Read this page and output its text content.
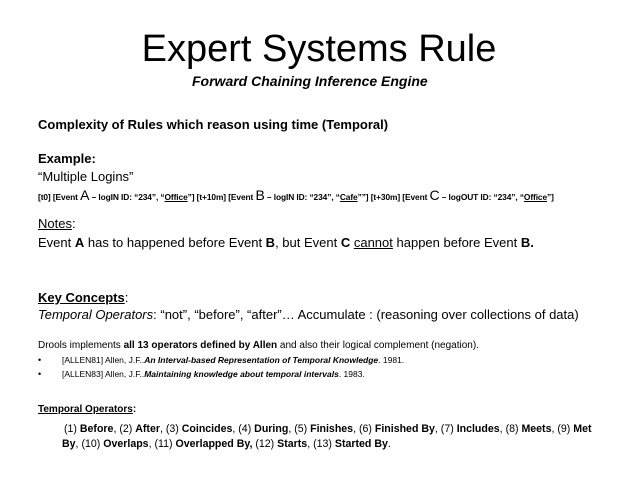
Expert Systems Rule
Forward Chaining Inference Engine
Complexity of Rules which reason using time (Temporal)
Example:
“Multiple Logins”
[t0] [Event A – logIN ID: “234”, “Office”] [t+10m] [Event B – logIN ID: “234”, “Cafe””] [t+30m] [Event C – logOUT ID: “234”, “Office”]
Notes:
Event A has to happened before Event B, but Event C cannot happen before Event B.
Key Concepts:
Temporal Operators: “not”, “before”, “after”… Accumulate : (reasoning over collections of data)
Drools implements all 13 operators defined by Allen and also their logical complement (negation).
• [ALLEN81] Allen, J.F..An Interval-based Representation of Temporal Knowledge. 1981.
• [ALLEN83] Allen, J.F..Maintaining knowledge about temporal intervals. 1983.
Temporal Operators:
(1) Before, (2) After, (3) Coincides, (4) During, (5) Finishes, (6) Finished By, (7) Includes, (8) Meets, (9) Met By, (10) Overlaps, (11) Overlapped By, (12) Starts, (13) Started By.
